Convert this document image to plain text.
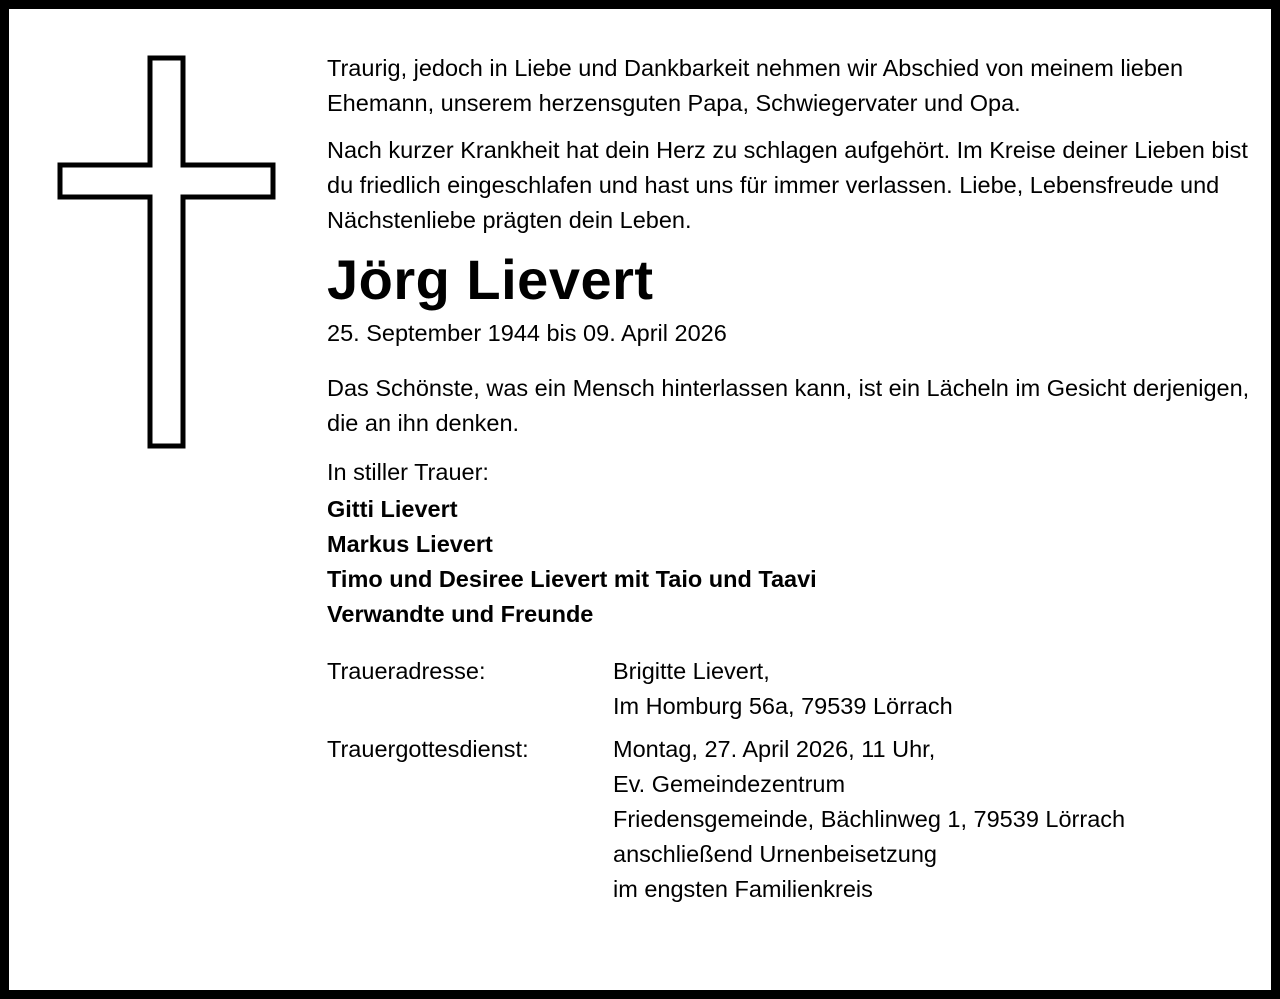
Traurig, jedoch in Liebe und Dankbarkeit nehmen wir Abschied von meinem lieben Ehemann, unserem herzensguten Papa, Schwiegervater und Opa.

Nach kurzer Krankheit hat dein Herz zu schlagen aufgehört. Im Kreise deiner Lieben bist du friedlich eingeschlafen und hast uns für immer verlassen. Liebe, Lebensfreude und Nächstenliebe prägten dein Leben.

Jörg Lievert
25. September 1944 bis 09. April 2026

Das Schönste, was ein Mensch hinterlassen kann, ist ein Lächeln im Gesicht derjenigen, die an ihn denken.

In stiller Trauer:
Gitti Lievert
Markus Lievert
Timo und Desiree Lievert mit Taio und Taavi
Verwandte und Freunde
Traueradresse:	Brigitte Lievert,
Im Homburg 56a, 79539 Lörrach
Trauergottesdienst:	Montag, 27. April 2026, 11 Uhr,
Ev. Gemeindezentrum
Friedensgemeinde, Bächlinweg 1, 79539 Lörrach
anschließend Urnenbeisetzung
im engsten Familienkreis
